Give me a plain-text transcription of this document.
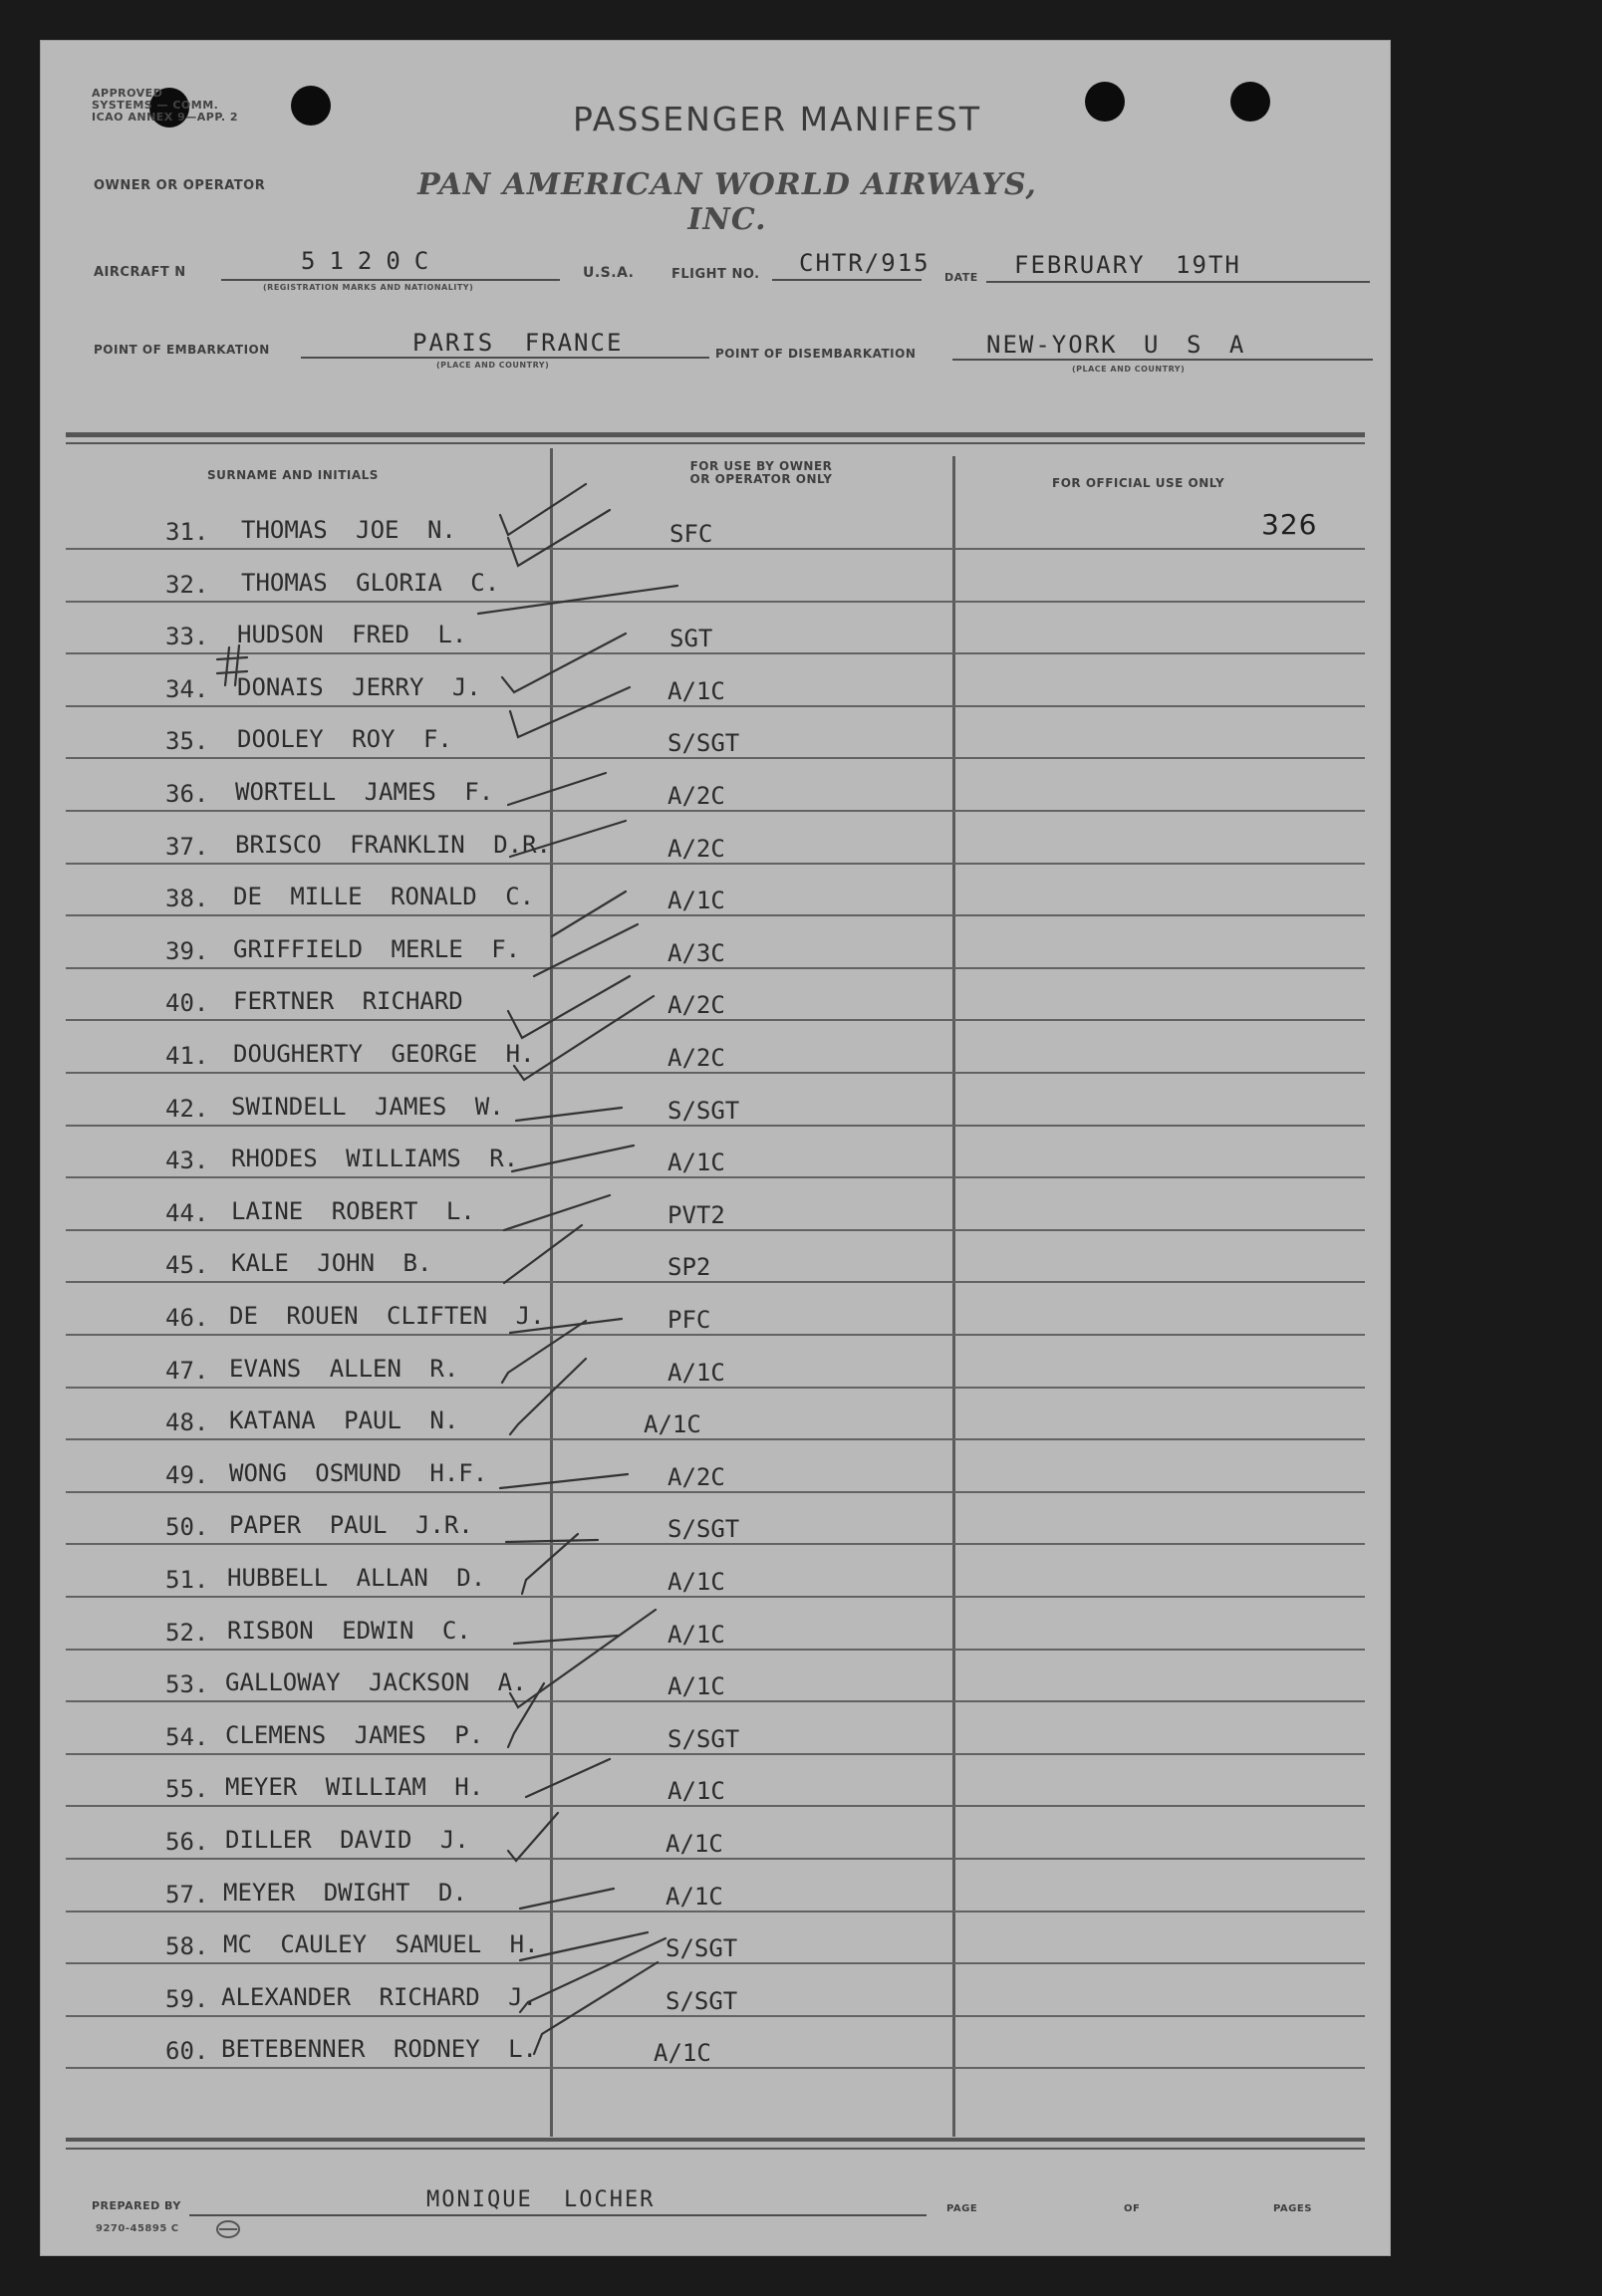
APPROVED
SYSTEMS — COMM.
ICAO ANNEX 9—APP. 2	PASSENGER MANIFEST
OWNER OR OPERATOR	PAN AMERICAN WORLD AIRWAYS, INC.
AIRCRAFT N	5120C
(REGISTRATION MARKS AND NATIONALITY)
U.S.A.	FLIGHT NO. CHTR/915
DATE FEBRUARY 19TH
POINT OF EMBARKATION	PARIS FRANCE
(PLACE AND COUNTRY)
POINT OF DISEMBARKATION	NEW-YORK U S A
(PLACE AND COUNTRY)
SURNAME AND INITIALS
FOR USE BY OWNER
OR OPERATOR ONLY	FOR OFFICIAL USE ONLY
326
31.	THOMAS JOE N.	SFC
32.	THOMAS GLORIA C.
33.	HUDSON FRED L.	SGT
34.	DONAIS JERRY J.	A/1C
35.	DOOLEY ROY F.	S/SGT
36.	WORTELL JAMES F.	A/2C
37.	BRISCO FRANKLIN D.R.	A/2C
38.	DE MILLE RONALD C.	A/1C
39.	GRIFFIELD MERLE F.	A/3C
40.	FERTNER RICHARD	A/2C
41.	DOUGHERTY GEORGE H.	A/2C
42. SWINDELL JAMES W.	S/SGT
43. RHODES WILLIAMS R.	A/1C
44. LAINE ROBERT L.	PVT2
45. KALE JOHN B.	SP2
46. DE ROUEN CLIFTEN J.	PFC
47. EVANS ALLEN R.	A/1C
48. KATANA PAUL N.	A/1C
49. WONG OSMUND H.F.	A/2C
50. PAPER PAUL J.R.	S/SGT
51. HUBBELL ALLAN D.	A/1C
52. RISBON EDWIN C.	A/1C
53. GALLOWAY JACKSON A.	A/1C
54. CLEMENS JAMES P.	S/SGT
55. MEYER WILLIAM H.	A/1C
56. DILLER DAVID J.	A/1C
57. MEYER DWIGHT D.	A/1C
58. MC CAULEY SAMUEL H.	S/SGT
59. ALEXANDER RICHARD J.	S/SGT
60. BETEBENNER RODNEY L.	A/1C
PREPARED BY	MONIQUE LOCHER	PAGE	OF	PAGES
9270-45895 C
